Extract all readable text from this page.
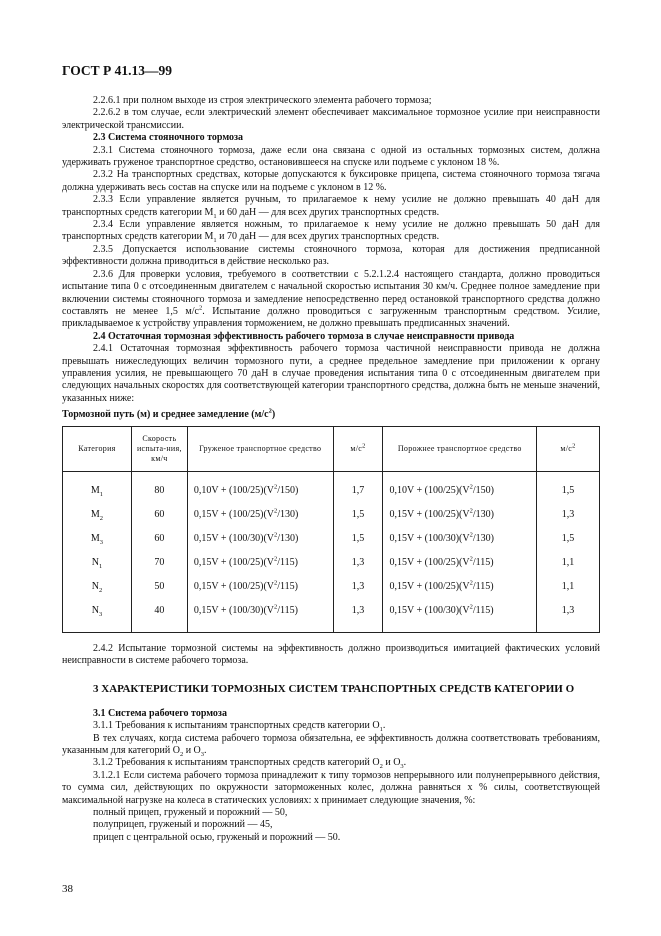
ГОСТ Р 41.13—99

2.2.6.1 при полном выходе из строя электрического элемента рабочего тормоза;

2.2.6.2 в том случае, если электрический элемент обеспечивает максимальное тормозное усилие при неисправности электрической трансмиссии.

2.3 Система стояночного тормоза

2.3.1 Система стояночного тормоза, даже если она связана с одной из остальных тормозных систем, должна удерживать груженое транспортное средство, остановившееся на спуске или подъеме с уклоном 18 %.

2.3.2 На транспортных средствах, которые допускаются к буксировке прицепа, система стояночного тормоза тягача должна удерживать весь состав на спуске или на подъеме с уклоном в 12 %.

2.3.3 Если управление является ручным, то прилагаемое к нему усилие не должно превышать 40 даН для транспортных средств категории $M_1$ и 60 даН — для всех других транспортных средств.

2.3.4 Если управление является ножным, то прилагаемое к нему усилие не должно превышать 50 даН для транспортных средств категории $M_1$ и 70 даН — для всех других транспортных средств.

2.3.5 Допускается использование системы стояночного тормоза, которая для достижения предписанной эффективности должна приводиться в действие несколько раз.

2.3.6 Для проверки условия, требуемого в соответствии с 5.2.1.2.4 настоящего стандарта, должно проводиться испытание типа 0 с отсоединенным двигателем с начальной скоростью испытания 30 км/ч. Среднее полное замедление при включении системы стояночного тормоза и замедление непосредственно перед остановкой транспортного средства должно составлять не менее 1,5 $м/с^2$. Испытание должно проводиться с загруженным транспортным средством. Усилие, прикладываемое к устройству управления торможением, не должно превышать предписанных значений.

2.4 Остаточная тормозная эффективность рабочего тормоза в случае неисправности привода

2.4.1 Остаточная тормозная эффективность рабочего тормоза частичной неисправности привода не должна превышать нижеследующих величин тормозного пути, а среднее предельное замедление при приложении к органу управления усилия, не превышающего 70 даН в случае проведения испытания типа 0 с отсоединенным двигателем при следующих начальных скоростях для соответствующей категории транспортного средства, должна быть не меньше значений, указанных ниже:

Тормозной путь (м) и среднее замедление $(м/с^2)$

Категория	Скорость испыта-ния, км/ч	Груженое транспортное средство	$м/с^2$	Порожнее транспортное средство	$м/с^2$
$M_1$	80	$0,10V + (100/25)(V^2/150)$	1,7	$0,10V + (100/25)(V^2/150)$	1,5
$M_2$	60	$0,15V + (100/25)(V^2/130)$	1,5	$0,15V + (100/25)(V^2/130)$	1,3
$M_3$	60	$0,15V + (100/30)(V^2/130)$	1,5	$0,15V + (100/30)(V^2/130)$	1,5
$N_1$	70	$0,15V + (100/25)(V^2/115)$	1,3	$0,15V + (100/25)(V^2/115)$	1,1
$N_2$	50	$0,15V + (100/25)(V^2/115)$	1,3	$0,15V + (100/25)(V^2/115)$	1,1
$N_3$	40	$0,15V + (100/30)(V^2/115)$	1,3	$0,15V + (100/30)(V^2/115)$	1,3

2.4.2 Испытание тормозной системы на эффективность должно производиться имитацией фактических условий неисправности в системе рабочего тормоза.

3 ХАРАКТЕРИСТИКИ ТОРМОЗНЫХ СИСТЕМ ТРАНСПОРТНЫХ СРЕДСТВ КАТЕГОРИИ О

3.1 Система рабочего тормоза

3.1.1 Требования к испытаниям транспортных средств категории $O_1$.

В тех случаях, когда система рабочего тормоза обязательна, ее эффективность должна соответствовать требованиям, указанным для категорий $O_2$ и $O_3$.

3.1.2 Требования к испытаниям транспортных средств категорий $O_2$ и $O_3$.

3.1.2.1 Если система рабочего тормоза принадлежит к типу тормозов непрерывного или полунепрерывного действия, то сумма сил, действующих по окружности заторможенных колес, должна равняться x % силы, соответствующей максимальной нагрузке на колеса в статических условиях: x принимает следующие значения, %:

полный прицеп, груженый и порожний — 50,

полуприцеп, груженый и порожний — 45,

прицеп с центральной осью, груженый и порожний — 50.

38
